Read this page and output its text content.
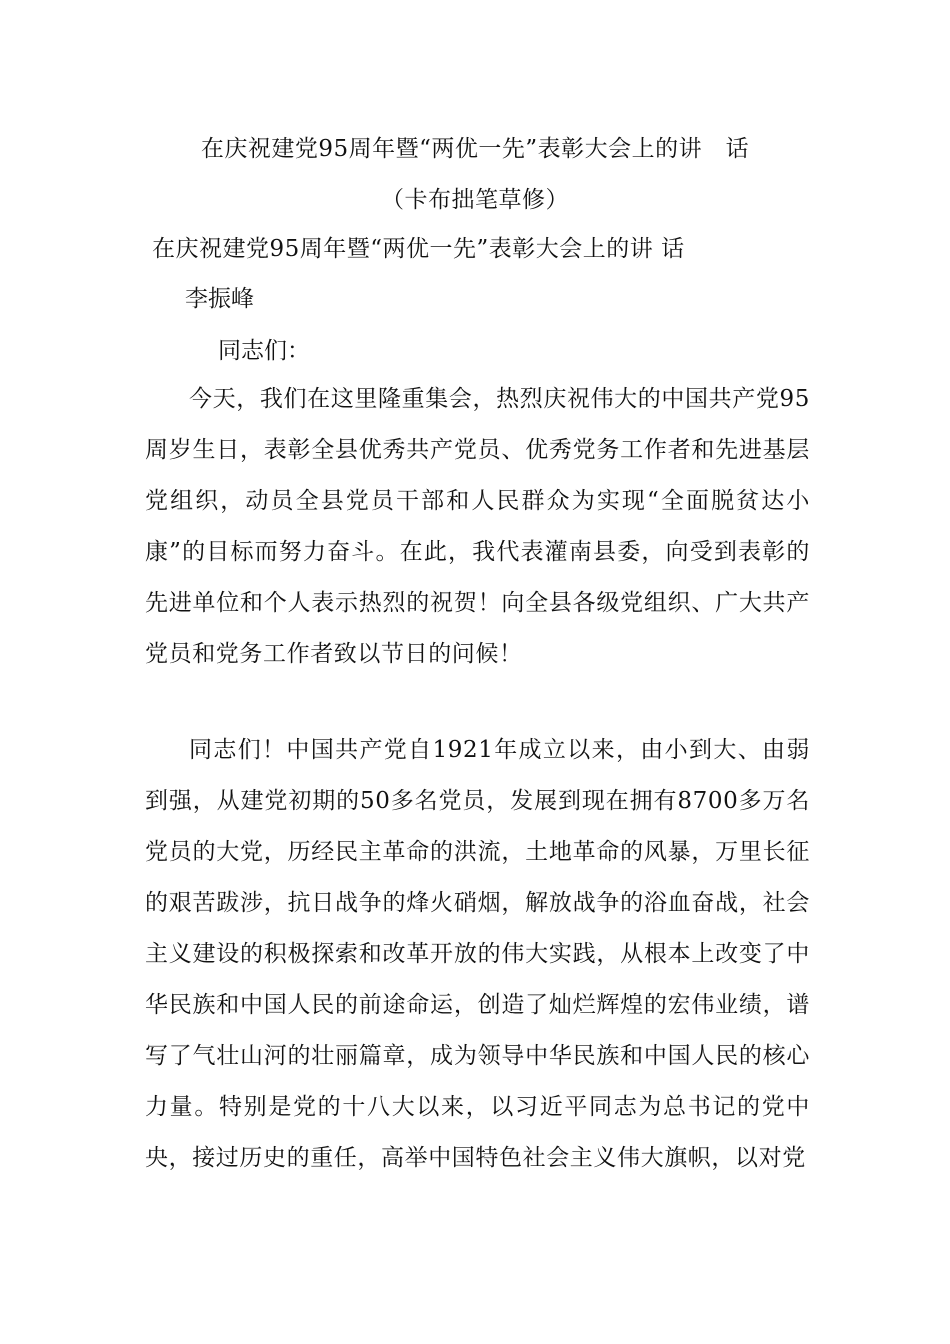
在庆祝建党95周年暨“两优一先”表彰大会上的讲　话
（卡布拙笔草修）
在庆祝建党95周年暨“两优一先”表彰大会上的讲 话
李振峰
同志们：

今天，我们在这里隆重集会，热烈庆祝伟大的中国共产党95周岁生日，表彰全县优秀共产党员、优秀党务工作者和先进基层党组织，动员全县党员干部和人民群众为实现“全面脱贫达小康”的目标而努力奋斗。在此，我代表灌南县委，向受到表彰的先进单位和个人表示热烈的祝贺！向全县各级党组织、广大共产党员和党务工作者致以节日的问候！

同志们！中国共产党自1921年成立以来，由小到大、由弱到强，从建党初期的50多名党员，发展到现在拥有8700多万名党员的大党，历经民主革命的洪流，土地革命的风暴，万里长征的艰苦跋涉，抗日战争的烽火硝烟，解放战争的浴血奋战，社会主义建设的积极探索和改革开放的伟大实践，从根本上改变了中华民族和中国人民的前途命运，创造了灿烂辉煌的宏伟业绩，谱写了气壮山河的壮丽篇章，成为领导中华民族和中国人民的核心力量。特别是党的十八大以来，以习近平同志为总书记的党中央，接过历史的重任，高举中国特色社会主义伟大旗帜，以对党
